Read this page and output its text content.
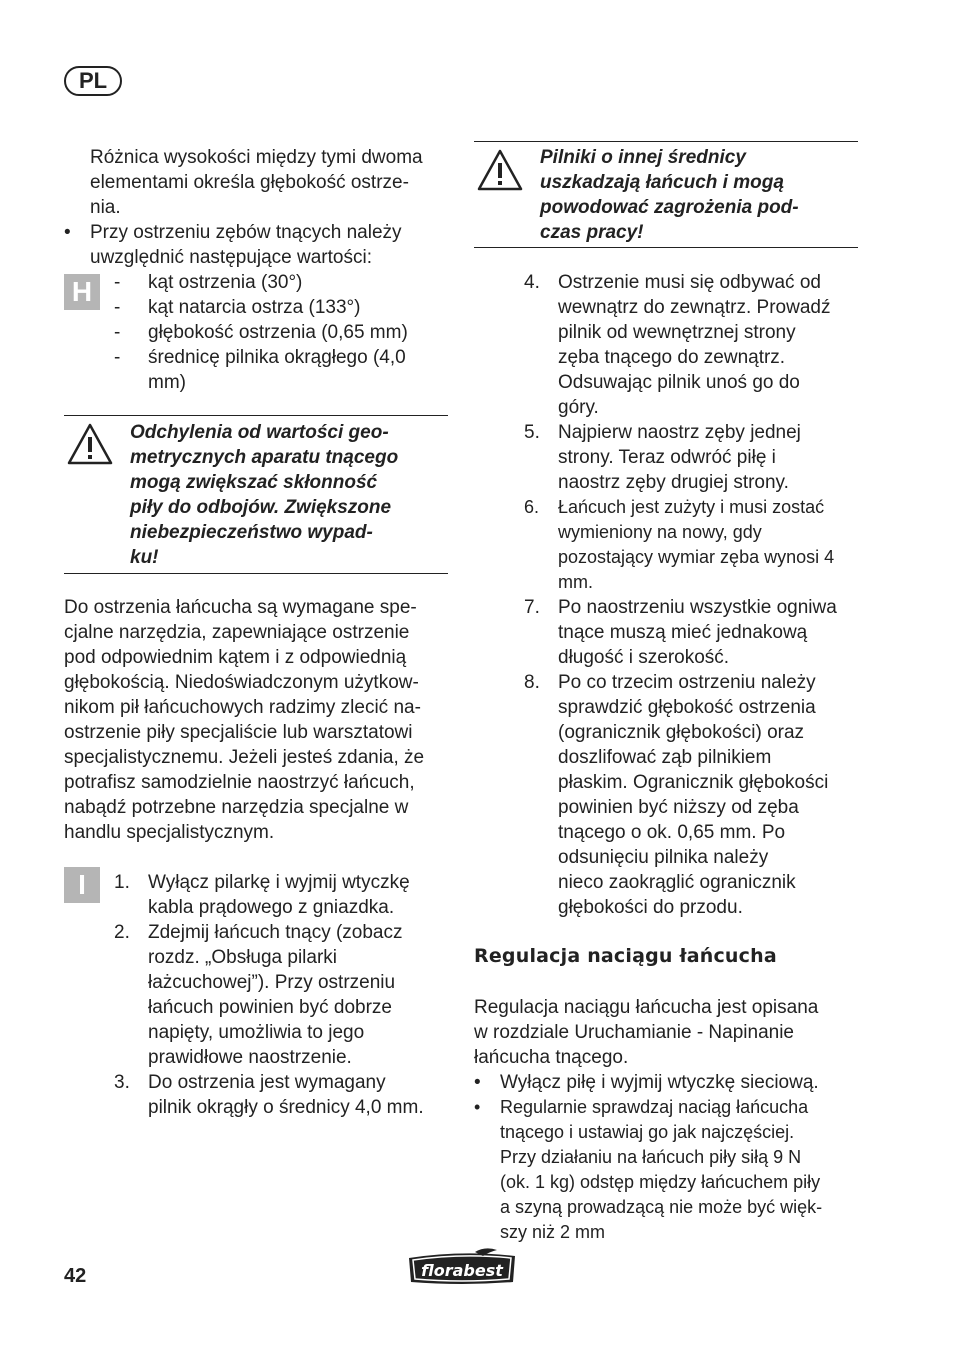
PL

Różnica wysokości między tymi dwoma

elementami określa głębokość ostrze-

nia.

• Przy ostrzeniu zębów tnących należy

uwzględnić następujące wartości:

- kąt ostrzenia (30°)

- kąt natarcia ostrza (133°)

- głębokość ostrzenia (0,65 mm)

- średnicę pilnika okrągłego (4,0

mm)

H

Odchylenia od wartości geo-

metrycznych aparatu tnącego

mogą zwiększać skłonność

piły do odbojów. Zwiększone

niebezpieczeństwo wypad-

ku!

Do ostrzenia łańcucha są wymagane spe-

cjalne narzędzia, zapewniające ostrzenie

pod odpowiednim kątem i z odpowiednią

głębokością. Niedoświadczonym użytkow-

nikom pił łańcuchowych radzimy zlecić na-

ostrzenie piły specjaliście lub warsztatowi

specjalistycznemu. Jeżeli jesteś zdania, że

potrafisz samodzielnie naostrzyć łańcuch,

nabądź potrzebne narzędzia specjalne w

handlu specjalistycznym.

I	1. Wyłącz pilarkę i wyjmij wtyczkę

kabla prądowego z gniazdka.

2. Zdejmij łańcuch tnący (zobacz

rozdz. „Obsługa pilarki

łażcuchowej”). Przy ostrzeniu

łańcuch powinien być dobrze

napięty, umożliwia to jego

prawidłowe naostrzenie.

3. Do ostrzenia jest wymagany

pilnik okrągły o średnicy 4,0 mm.

Pilniki o innej średnicy

uszkadzają łańcuch i mogą

powodować zagrożenia pod-

czas pracy!

4. Ostrzenie musi się odbywać od

wewnątrz do zewnątrz. Prowadź

pilnik od wewnętrznej strony

zęba tnącego do zewnątrz.

Odsuwając pilnik unoś go do

góry.

5. Najpierw naostrz zęby jednej

strony. Teraz odwróć piłę i

naostrz zęby drugiej strony.

6. Łańcuch jest zużyty i musi zostać

wymieniony na nowy, gdy

pozostający wymiar zęba wynosi 4

mm.

7. Po naostrzeniu wszystkie ogniwa

tnące muszą mieć jednakową

długość i szerokość.

8. Po co trzecim ostrzeniu należy

sprawdzić głębokość ostrzenia

(ogranicznik głębokości) oraz

doszlifować ząb pilnikiem

płaskim. Ogranicznik głębokości

powinien być niższy od zęba

tnącego o ok. 0,65 mm. Po

odsunięciu pilnika należy

nieco zaokrąglić ogranicznik

głębokości do przodu.

Regulacja naciągu łańcucha

Regulacja naciągu łańcucha jest opisana

w rozdziale Uruchamianie - Napinanie

łańcucha tnącego.

• Wyłącz piłę i wyjmij wtyczkę sieciową.

• Regularnie sprawdzaj naciąg łańcucha

tnącego i ustawiaj go jak najczęściej.

Przy działaniu na łańcuch piły siłą 9 N

(ok. 1 kg) odstęp między łańcuchem piły

a szyną prowadzącą nie może być więk-

szy niż 2 mm

42	florabest
